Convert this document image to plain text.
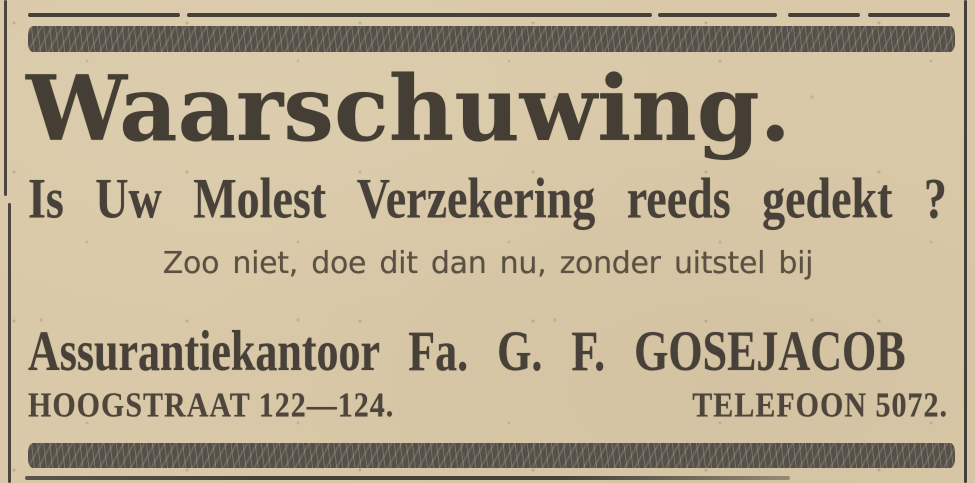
Waarschuwing.
Is Uw Molest Verzekering reeds gedekt ?
Zoo niet, doe dit dan nu, zonder uitstel bij
Assurantiekantoor Fa. G. F. GOSEJACOB
HOOGSTRAAT 122—124.	TELEFOON 5072.
